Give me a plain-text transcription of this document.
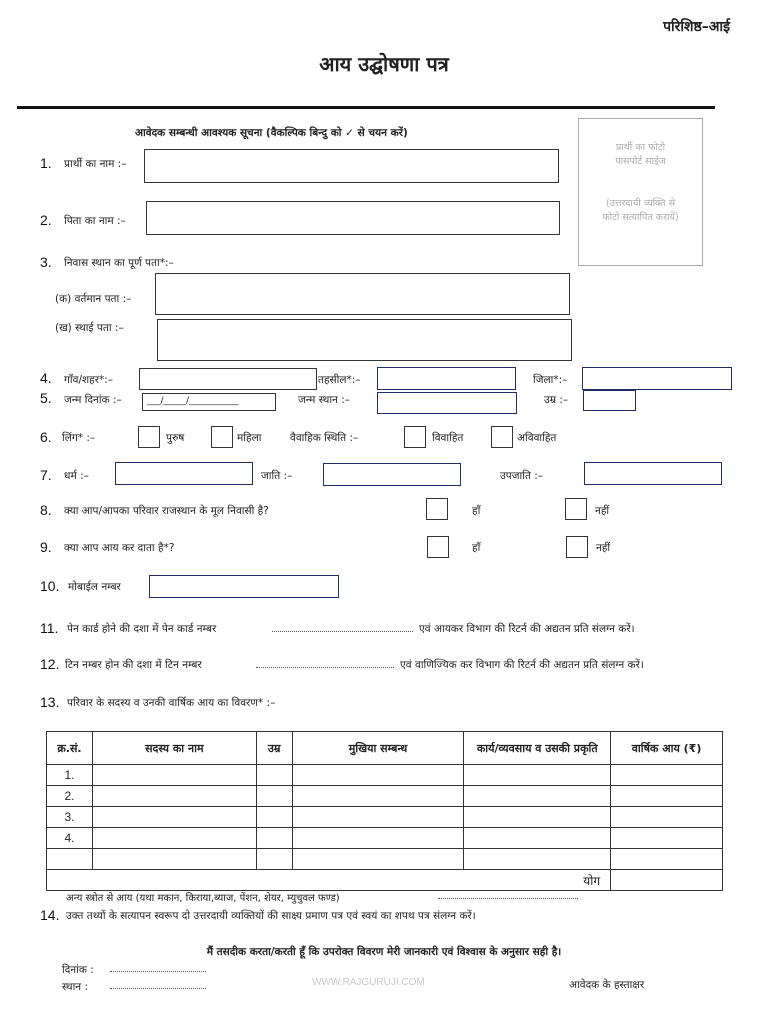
परिशिष्ठ–आई
आय उद्घोषणा पत्र
आवेदक सम्बन्धी आवश्यक सूचना (वैकल्पिक बिन्दु को ✓ से चयन करें)
प्रार्थी का फोटो
पासपोर्ट साईज
(उत्तरदायी व्यक्ति से
फोटो सत्यापित करायें)
1. प्रार्थी का नाम :–
2. पिता का नाम :–
3. निवास स्थान का पूर्ण पता*:–
(क) वर्तमान पता :–
(ख) स्थाई पता :–
4. गाँव/शहर*:–	तहसील*:–	जिला*:–
5. जन्म दिनांक :–	___/_____/___________	जन्म स्थान :–	उम्र :–
6. लिंग* :–	पुरुष	महिला	वैवाहिक स्थिति :–	विवाहित	अविवाहित
7. धर्म :–	जाति :–	उपजाति :–
8. क्या आप/आपका परिवार राजस्थान के मूल निवासी है?	हाँ	नहीं
9. क्या आप आय कर दाता है*?	हाँ	नहीं
10. मोबाईल नम्बर
11. पेन कार्ड होने की दशा में पेन कार्ड नम्बर	एवं आयकर विभाग की रिटर्न की अद्यतन प्रति संलग्न करें।
12. टिन नम्बर होन की दशा में टिन नम्बर	एवं वाणिज्यिक कर विभाग की रिटर्न की अद्यतन प्रति संलग्न करें।
13. परिवार के सदस्य व उनकी वार्षिक आय का विवरण* :–
क्र.सं.	सदस्य का नाम	उम्र	मुखिया सम्बन्ध	कार्य/व्यवसाय व उसकी प्रकृति	वार्षिक आय (₹)
1.					
2.					
3.					
4.					

योग					
अन्य स्त्रोत से आय (यथा मकान, किराया,ब्याज, पेंशन, शेयर, म्युचुवल फण्ड)
14. उक्त तथ्यों के सत्यापन स्वरूप दो उत्तरदायी व्यक्तियों की साक्ष्य प्रमाण पत्र एवं स्वयं का शपथ पत्र संलग्न करें।
मैं तसदीक करता/करती हूँ कि उपरोक्त विवरण मेरी जानकारी एवं विश्वास के अनुसार सही है।
दिनांक :
स्थान :	WWW.RAJGURUJI.COM	आवेदक के हस्ताक्षर
